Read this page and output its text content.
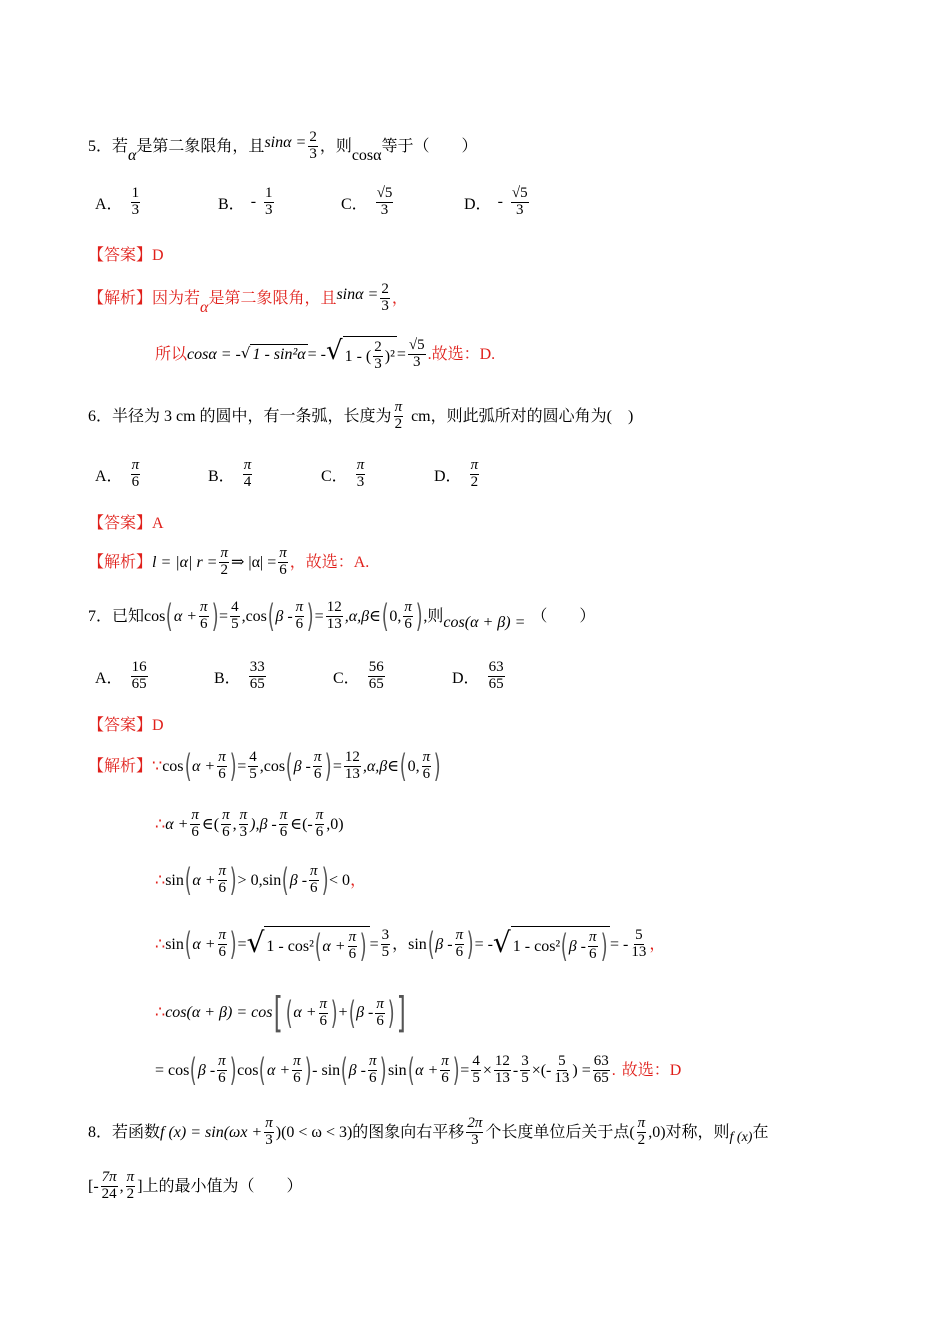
5．若
α
是第二象限角，且 $\sin\alpha = \frac{2}{3}$ ，则
cosα
等于（　　）
A． $\frac{1}{3}$	B． - $\frac{1}{3}$	C． $\frac{√5}{3}$	D． - $\frac{√5}{3}$
【答案】 D
【解析】 因为若
α
是第二象限角，且 $\sin\alpha = \frac{2}{3}$ ，
所以 cosα = - √ 1 - sin²α = - √ 1 - ( $\frac{2}{3} )^2 = \frac{√5}{3}$ .故选：D.
6．半径为 3 cm 的圆中，有一条弧，长度为 $\frac{\pi}{2}$ cm，则此弧所对的圆心角为(　)
A． $\frac{\pi}{6}$	B． $\frac{\pi}{4}$	C． $\frac{\pi}{3}$	D． $\frac{\pi}{2}$
【答案】 A
【解析】 l = |α| $r = \frac{\pi}{2}$ ⇒ $|\alpha| = \frac{\pi}{6}$ ，故选：A.
7．已知 cos ( $\alpha + \frac{\pi}{6}$ ) = $\frac{4}{5} ,\cos$ ( β - $\frac{\pi}{6}$ ) = $\frac{12}{13}$ ,α,β∈ ( 0, $\frac{\pi}{6}$ ) ,则 cos(α + β) = （　　）
A． $\frac{16}{65}$	B． $\frac{33}{65}$	C． $\frac{56}{65}$	D． $\frac{63}{65}$
【答案】 D
【解析】 ∵ cos ( $\alpha + \frac{\pi}{6}$ ) = $\frac{4}{5} ,\cos$ ( β - $\frac{\pi}{6}$ ) = $\frac{12}{13}$ ,α,β∈ ( 0, $\frac{\pi}{6}$ )
∴ $\alpha + \frac{\pi}{6}$ ∈( $\frac{\pi}{6}$ , $\frac{\pi}{3} ),\beta - \frac{\pi}{6}$ ∈(- $\frac{\pi}{6} ,0$)
∴ sin ( $\alpha + \frac{\pi}{6}$ ) > 0,sin ( β - $\frac{\pi}{6}$ ) < 0 ，
∴ sin ( $\alpha + \frac{\pi}{6}$ ) = √ 1 - cos² ( $\alpha + \frac{\pi}{6}$ ) = $\frac{3}{5}$ ，sin ( β - $\frac{\pi}{6}$ ) = - √ 1 - cos² ( β - $\frac{\pi}{6}$ ) = - $\frac{5}{13}$ ，
∴ cos(α + β) = cos [ ( $\alpha + \frac{\pi}{6}$ ) + ( β - $\frac{\pi}{6}$ ) ]
= cos ( β - $\frac{\pi}{6}$ ) cos ( $\alpha + \frac{\pi}{6}$ ) - sin ( β - $\frac{\pi}{6}$ ) sin ( $\alpha + \frac{\pi}{6}$ ) = $\frac{4}{5} \times \frac{12}{13} - \frac{3}{5}$ ×(- $\frac{5}{13}$ ) = $\frac{63}{65}$ . 故选：D
8．若函数 f $(x) = \sin(\omega x + \frac{\pi}{3} )(0 < \omega < 3)$ 的图象向右平移 $\frac{2\pi}{3}$ 个长度单位后关于点( $\frac{\pi}{2} ,0$) 对称，则 f (x) 在
[- $\frac{7\pi}{24}$ , $\frac{\pi}{2}$ ] 上的最小值为（　　）
